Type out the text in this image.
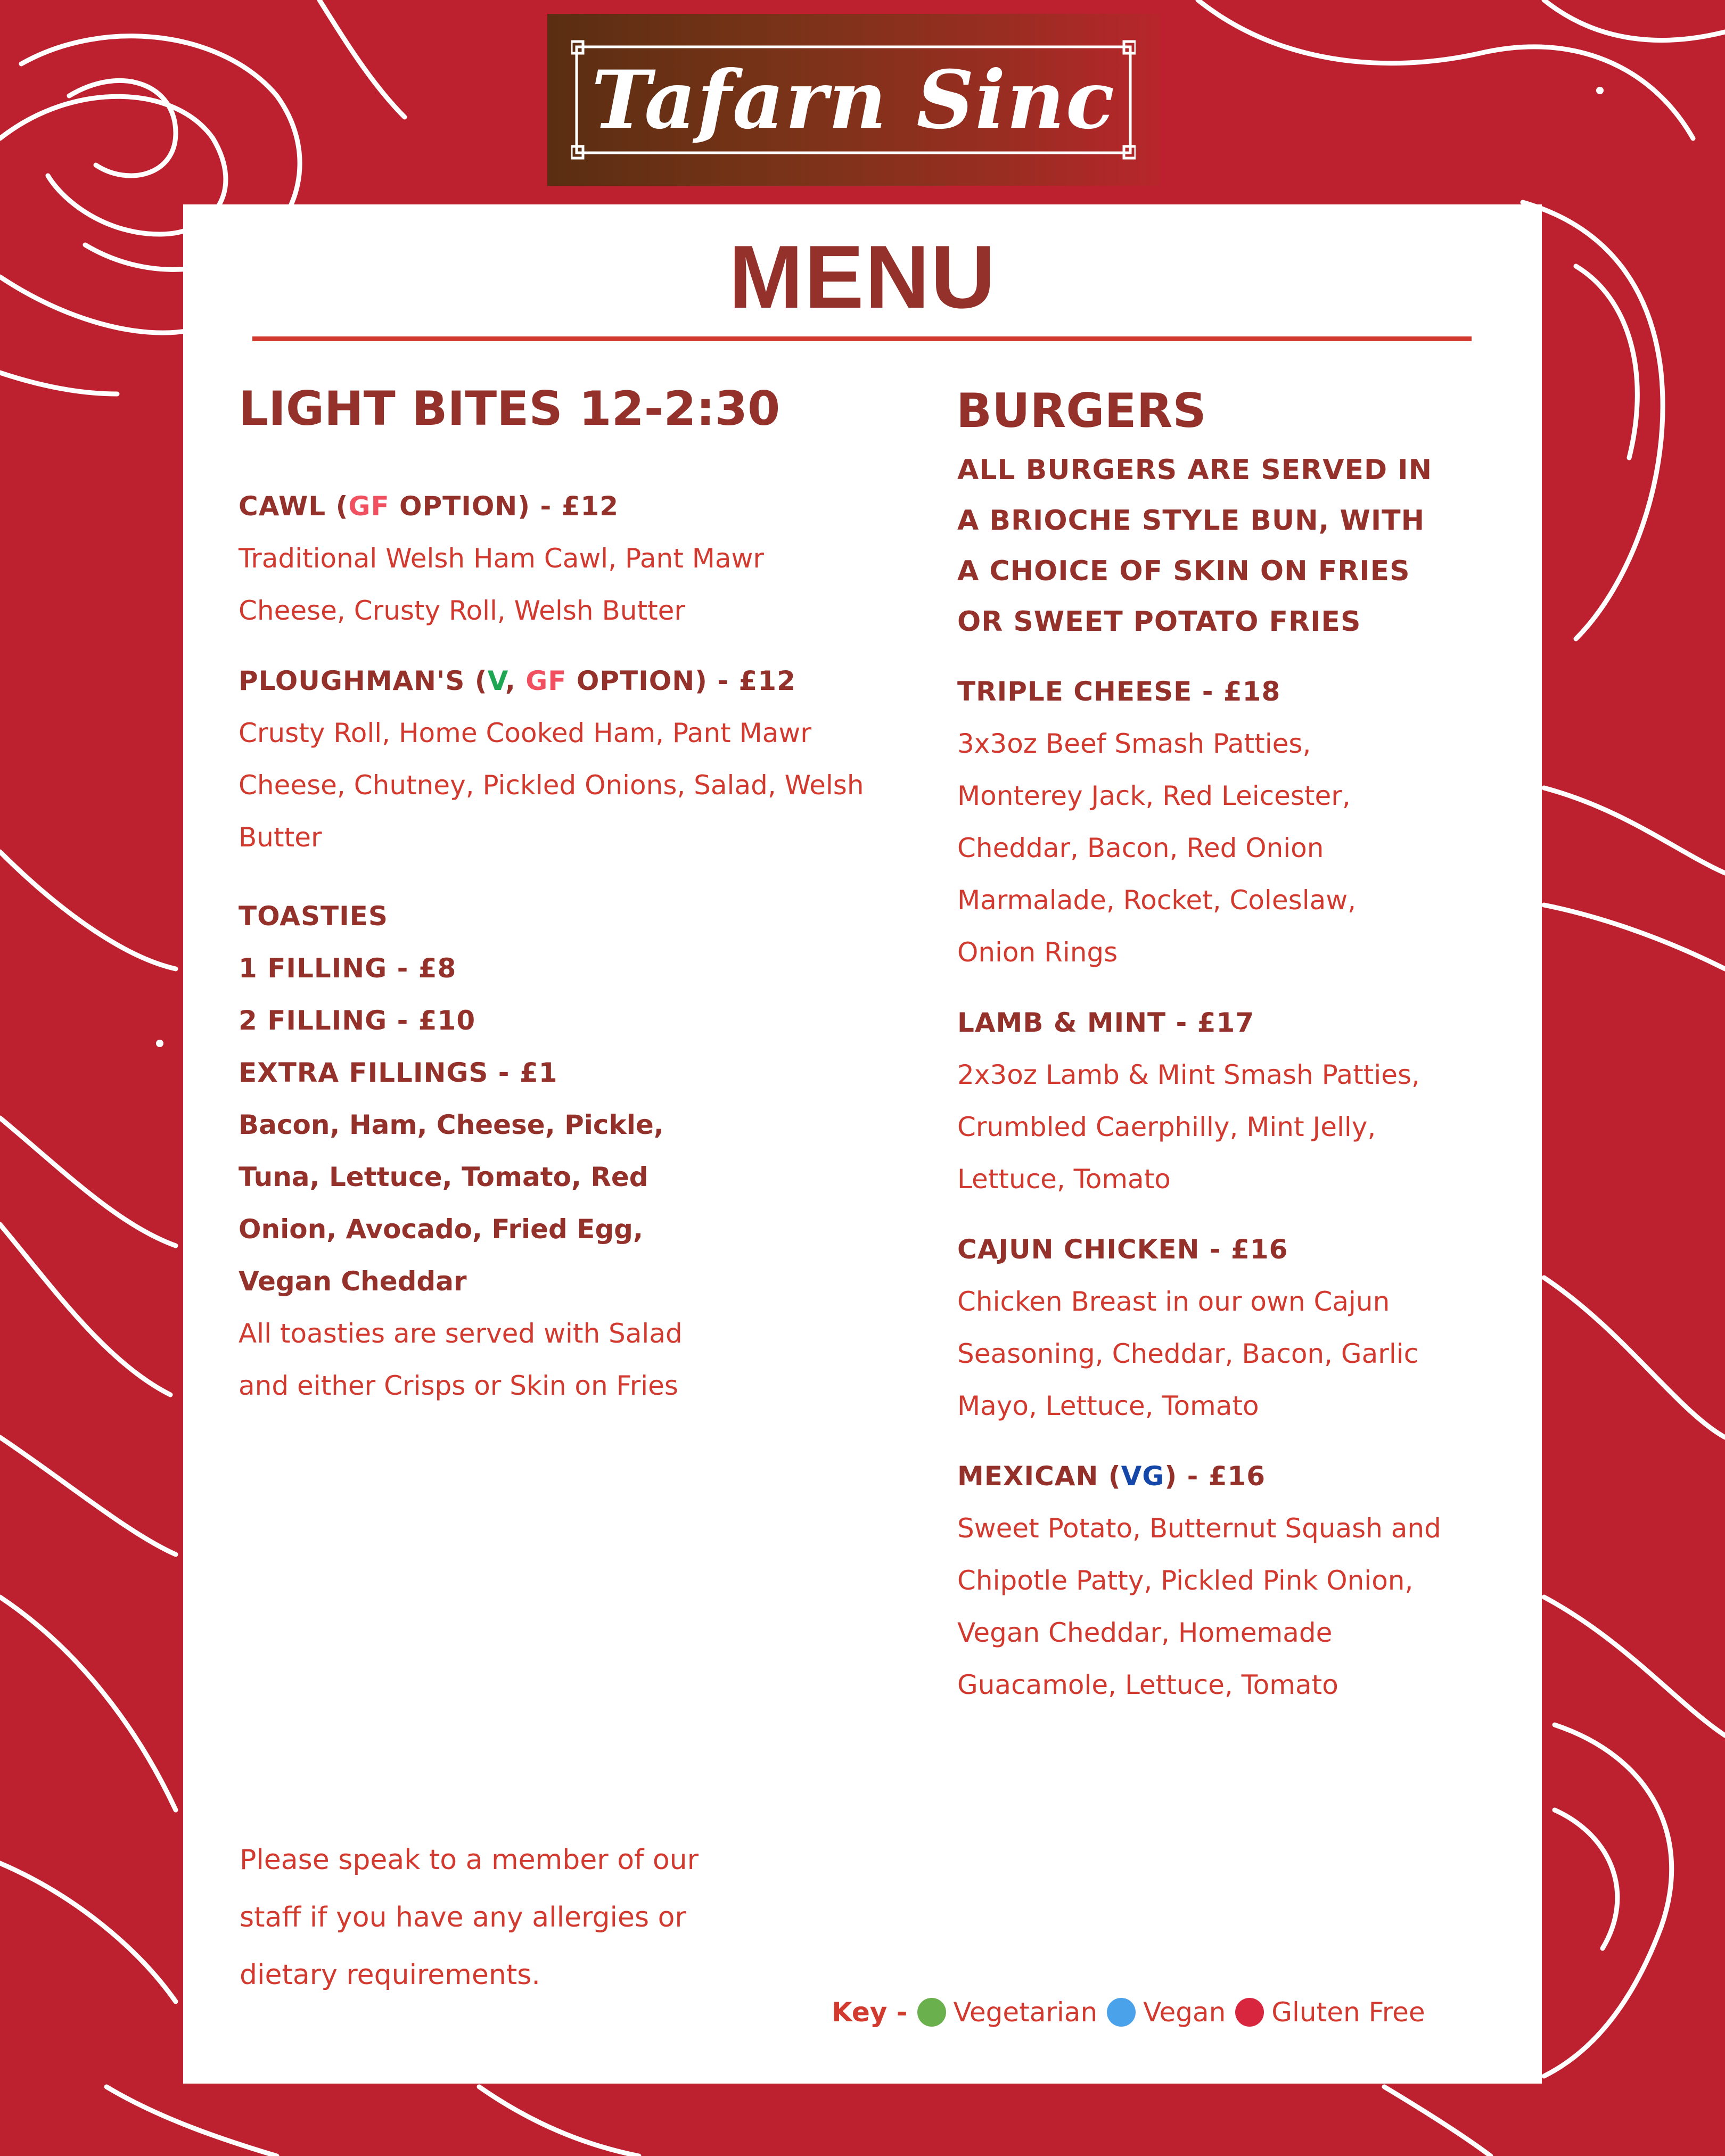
Tafarn Sinc
MENU
LIGHT BITES 12-2:30

CAWL (GF OPTION) - £12

Traditional Welsh Ham Cawl, Pant Mawr

Cheese, Crusty Roll, Welsh Butter

PLOUGHMAN'S (V, GF OPTION) - £12

Crusty Roll, Home Cooked Ham, Pant Mawr

Cheese, Chutney, Pickled Onions, Salad, Welsh

Butter

TOASTIES

1 FILLING - £8

2 FILLING - £10

EXTRA FILLINGS - £1

Bacon, Ham, Cheese, Pickle,

Tuna, Lettuce, Tomato, Red

Onion, Avocado, Fried Egg,

Vegan Cheddar

All toasties are served with Salad

and either Crisps or Skin on Fries

BURGERS

ALL BURGERS ARE SERVED IN

A BRIOCHE STYLE BUN, WITH

A CHOICE OF SKIN ON FRIES

OR SWEET POTATO FRIES

TRIPLE CHEESE - £18

3x3oz Beef Smash Patties,

Monterey Jack, Red Leicester,

Cheddar, Bacon, Red Onion

Marmalade, Rocket, Coleslaw,

Onion Rings

LAMB & MINT - £17

2x3oz Lamb & Mint Smash Patties,

Crumbled Caerphilly, Mint Jelly,

Lettuce, Tomato

CAJUN CHICKEN - £16

Chicken Breast in our own Cajun

Seasoning, Cheddar, Bacon, Garlic

Mayo, Lettuce, Tomato

MEXICAN (VG) - £16

Sweet Potato, Butternut Squash and

Chipotle Patty, Pickled Pink Onion,

Vegan Cheddar, Homemade

Guacamole, Lettuce, Tomato

Please speak to a member of our

staff if you have any allergies or

dietary requirements.

Key - Vegetarian Vegan Gluten Free
